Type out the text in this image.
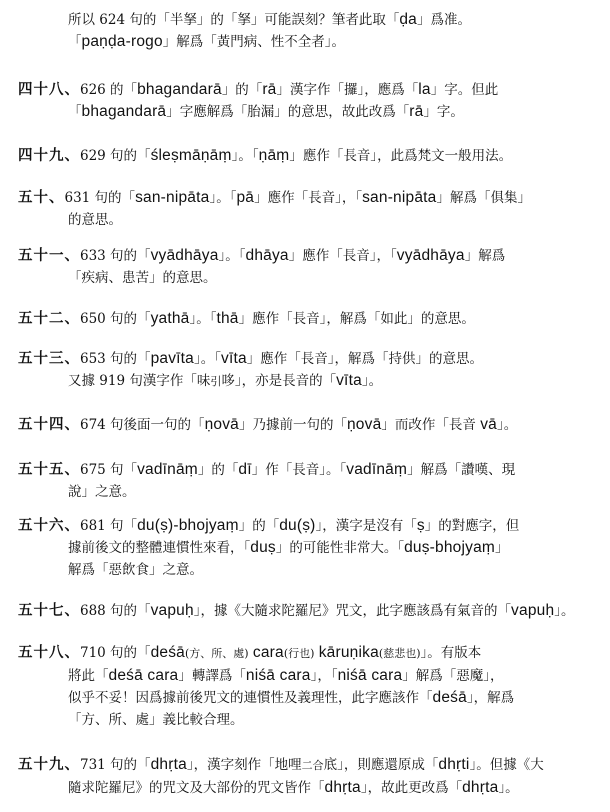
所以 624 句的「半拏」的「拏」可能誤刻？筆者此取「ḍa」爲准。
「paṇḍa-rogo」解爲「黃門病、性不全者」。
四十八、626 的「bhagandarā」的「rā」漢字作「攞」，應爲「la」字。但此
「bhagandarā」字應解爲「胎漏」的意思，故此改爲「rā」字。
四十九、629 句的「śleṣmāṇāṃ」。「ṇāṃ」應作「長音」，此爲梵文一般用法。
五十、631 句的「san-nipāta」。「pā」應作「長音」，「san-nipāta」解爲「俱集」
的意思。
五十一、633 句的「vyādhāya」。「dhāya」應作「長音」，「vyādhāya」解爲
「疾病、患苦」的意思。
五十二、650 句的「yathā」。「thā」應作「長音」，解爲「如此」的意思。
五十三、653 句的「pavīta」。「vīta」應作「長音」，解爲「持供」的意思。
又據 919 句漢字作「味引哆」，亦是長音的「vīta」。
五十四、674 句後面一句的「ṇovā」乃據前一句的「ṇovā」而改作「長音 vā」。
五十五、675 句「vadīnāṃ」的「dī」作「長音」。「vadīnāṃ」解爲「讚嘆、現
說」之意。
五十六、681 句「du(ṣ)-bhojyaṃ」的「du(ṣ)」，漢字是沒有「ṣ」的對應字，但
據前後文的整體連慣性來看，「duṣ」的可能性非常大。「duṣ-bhojyaṃ」
解爲「惡飲食」之意。
五十七、688 句的「vapuḥ」，據《大隨求陀羅尼》咒文，此字應該爲有氣音的「vapuḥ」。
五十八、710 句的「deśā(方、所、處) cara(行也) kāruṇika(慈悲也)」。有版本
將此「deśā cara」轉譯爲「niśā cara」，「niśā cara」解爲「惡魔」，
似乎不妥！因爲據前後咒文的連慣性及義理性，此字應該作「deśā」，解爲
「方、所、處」義比較合理。
五十九、731 句的「dhṛta」，漢字刻作「地哩二合底」，則應還原成「dhṛti」。但據《大
隨求陀羅尼》的咒文及大部份的咒文皆作「dhṛta」，故此更改爲「dhṛta」。
